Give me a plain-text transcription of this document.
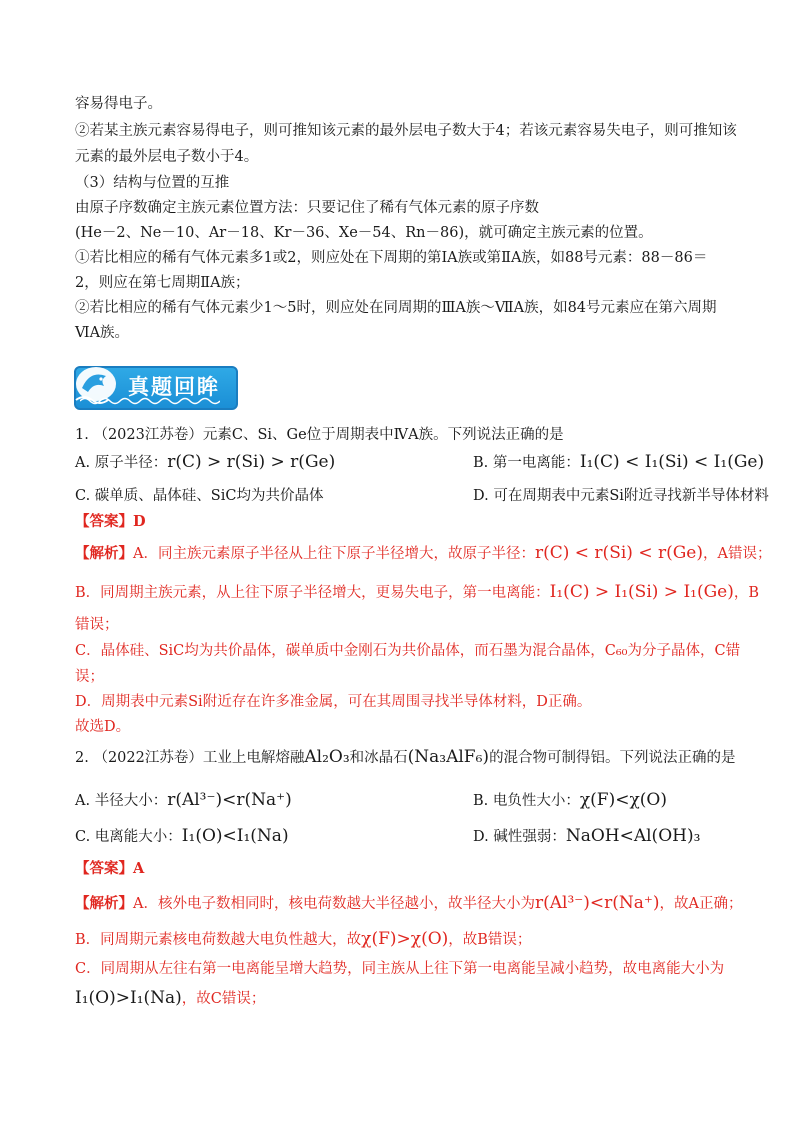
容易得电子。
②若某主族元素容易得电子，则可推知该元素的最外层电子数大于4；若该元素容易失电子，则可推知该
元素的最外层电子数小于4。
（3）结构与位置的互推
由原子序数确定主族元素位置方法：只要记住了稀有气体元素的原子序数
(He－2、Ne－10、Ar－18、Kr－36、Xe－54、Rn－86)，就可确定主族元素的位置。
①若比相应的稀有气体元素多1或2，则应处在下周期的第ⅠA族或第ⅡA族，如88号元素：88－86＝
2，则应在第七周期ⅡA族；
②若比相应的稀有气体元素少1～5时，则应处在同周期的ⅢA族～ⅦA族，如84号元素应在第六周期
ⅥA族。
真题回眸
1. （2023江苏卷）元素C、Si、Ge位于周期表中ⅣA族。下列说法正确的是
A. 原子半径：r(C) > r(Si) > r(Ge)	B. 第一电离能：I₁(C) < I₁(Si) < I₁(Ge)
C. 碳单质、晶体硅、SiC均为共价晶体	D. 可在周期表中元素Si附近寻找新半导体材料
【答案】D
【解析】A．同主族元素原子半径从上往下原子半径增大，故原子半径：r(C) < r(Si) < r(Ge)，A错误；
B．同周期主族元素，从上往下原子半径增大，更易失电子，第一电离能：I₁(C) > I₁(Si) > I₁(Ge)，B
错误；
C．晶体硅、SiC均为共价晶体，碳单质中金刚石为共价晶体，而石墨为混合晶体，C₆₀为分子晶体，C错
误；
D．周期表中元素Si附近存在许多准金属，可在其周围寻找半导体材料，D正确。
故选D。
2. （2022江苏卷）工业上电解熔融Al₂O₃和冰晶石(Na₃AlF₆)的混合物可制得铝。下列说法正确的是
A. 半径大小：r(Al³⁻)<r(Na⁺)	B. 电负性大小：χ(F)<χ(O)
C. 电离能大小：I₁(O)<I₁(Na)	D. 碱性强弱：NaOH<Al(OH)₃
【答案】A
【解析】A．核外电子数相同时，核电荷数越大半径越小，故半径大小为r(Al³⁻)<r(Na⁺)，故A正确；
B．同周期元素核电荷数越大电负性越大，故χ(F)>χ(O)，故B错误；
C．同周期从左往右第一电离能呈增大趋势，同主族从上往下第一电离能呈减小趋势，故电离能大小为
I₁(O)>I₁(Na)，故C错误；
